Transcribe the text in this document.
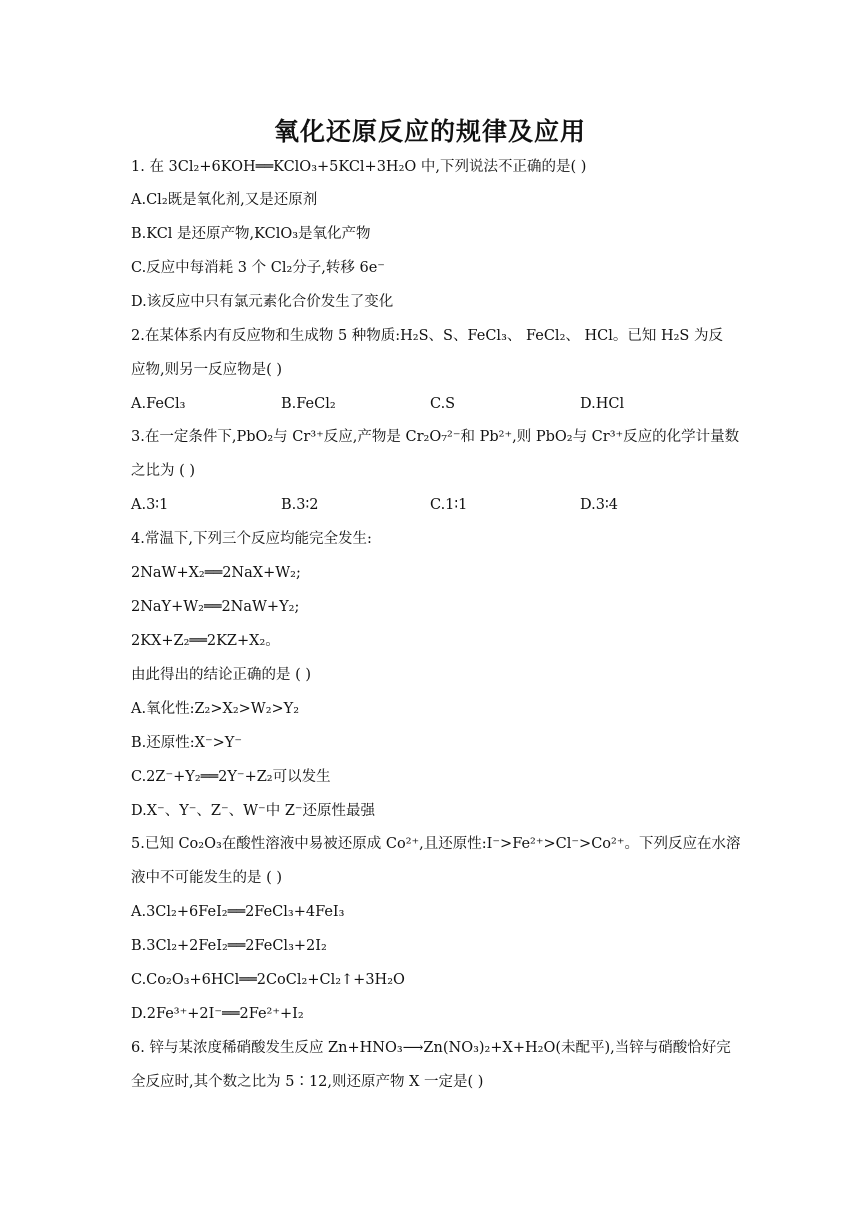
氧化还原反应的规律及应用
1. 在 3Cl₂+6KOH══KClO₃+5KCl+3H₂O 中,下列说法不正确的是( )
A.Cl₂既是氧化剂,又是还原剂
B.KCl 是还原产物,KClO₃是氧化产物
C.反应中每消耗 3 个 Cl₂分子,转移 6e⁻
D.该反应中只有氯元素化合价发生了变化
2.在某体系内有反应物和生成物 5 种物质:H₂S、S、FeCl₃、 FeCl₂、 HCl。已知 H₂S 为反
应物,则另一反应物是( )
A.FeCl₃	B.FeCl₂	C.S	D.HCl
3.在一定条件下,PbO₂与 Cr³⁺反应,产物是 Cr₂O₇²⁻和 Pb²⁺,则 PbO₂与 Cr³⁺反应的化学计量数
之比为 ( )
A.3∶1	B.3∶2	C.1∶1	D.3∶4
4.常温下,下列三个反应均能完全发生:
2NaW+X₂══2NaX+W₂;
2NaY+W₂══2NaW+Y₂;
2KX+Z₂══2KZ+X₂。
由此得出的结论正确的是 ( )
A.氧化性:Z₂>X₂>W₂>Y₂
B.还原性:X⁻>Y⁻
C.2Z⁻+Y₂══2Y⁻+Z₂可以发生
D.X⁻、Y⁻、Z⁻、W⁻中 Z⁻还原性最强
5.已知 Co₂O₃在酸性溶液中易被还原成 Co²⁺,且还原性:I⁻>Fe²⁺>Cl⁻>Co²⁺。下列反应在水溶
液中不可能发生的是 ( )
A.3Cl₂+6FeI₂══2FeCl₃+4FeI₃
B.3Cl₂+2FeI₂══2FeCl₃+2I₂
C.Co₂O₃+6HCl══2CoCl₂+Cl₂↑+3H₂O
D.2Fe³⁺+2I⁻══2Fe²⁺+I₂
6. 锌与某浓度稀硝酸发生反应 Zn+HNO₃⟶Zn(NO₃)₂+X+H₂O(未配平),当锌与硝酸恰好完
全反应时,其个数之比为 5∶12,则还原产物 X 一定是( )
